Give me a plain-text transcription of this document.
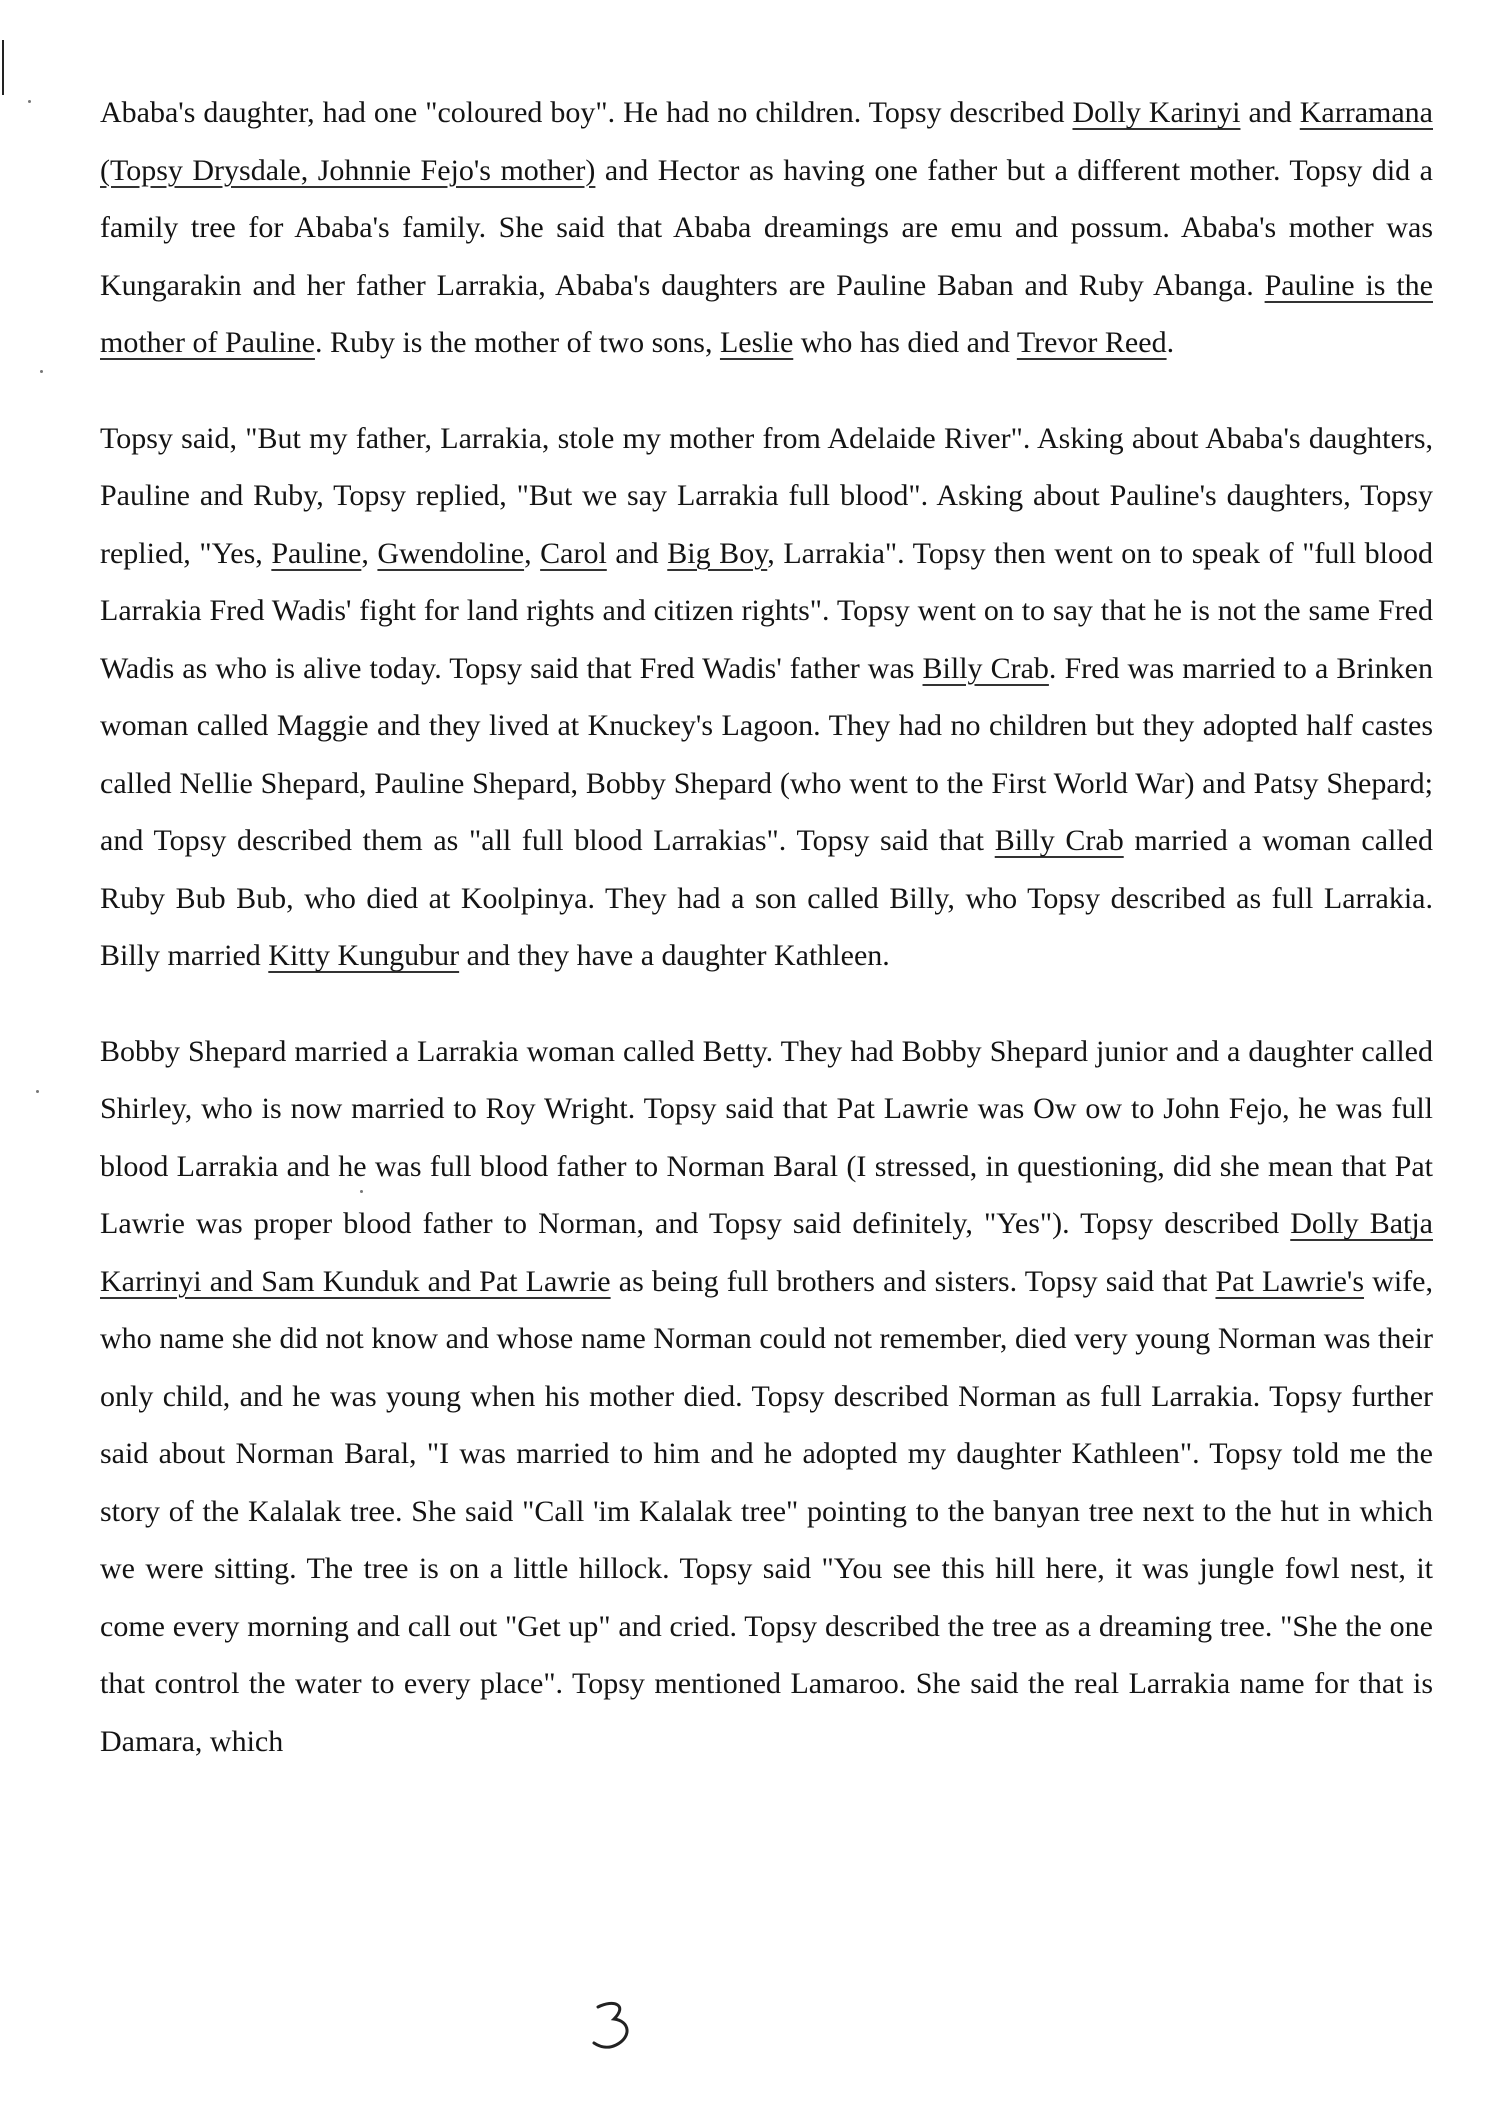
Ababa's daughter, had one "coloured boy". He had no children. Topsy described Dolly Karinyi and Karramana (Topsy Drysdale, Johnnie Fejo's mother) and Hector as having one father but a different mother. Topsy did a family tree for Ababa's family. She said that Ababa dreamings are emu and possum. Ababa's mother was Kungarakin and her father Larrakia, Ababa's daughters are Pauline Baban and Ruby Abanga. Pauline is the mother of Pauline. Ruby is the mother of two sons, Leslie who has died and Trevor Reed.

Topsy said, "But my father, Larrakia, stole my mother from Adelaide River". Asking about Ababa's daughters, Pauline and Ruby, Topsy replied, "But we say Larrakia full blood". Asking about Pauline's daughters, Topsy replied, "Yes, Pauline, Gwendoline, Carol and Big Boy, Larrakia". Topsy then went on to speak of "full blood Larrakia Fred Wadis' fight for land rights and citizen rights". Topsy went on to say that he is not the same Fred Wadis as who is alive today. Topsy said that Fred Wadis' father was Billy Crab. Fred was married to a Brinken woman called Maggie and they lived at Knuckey's Lagoon. They had no children but they adopted half castes called Nellie Shepard, Pauline Shepard, Bobby Shepard (who went to the First World War) and Patsy Shepard; and Topsy described them as "all full blood Larrakias". Topsy said that Billy Crab married a woman called Ruby Bub Bub, who died at Koolpinya. They had a son called Billy, who Topsy described as full Larrakia. Billy married Kitty Kungubur and they have a daughter Kathleen.

Bobby Shepard married a Larrakia woman called Betty. They had Bobby Shepard junior and a daughter called Shirley, who is now married to Roy Wright. Topsy said that Pat Lawrie was Ow ow to John Fejo, he was full blood Larrakia and he was full blood father to Norman Baral (I stressed, in questioning, did she mean that Pat Lawrie was proper blood father to Norman, and Topsy said definitely, "Yes"). Topsy described Dolly Batja Karrinyi and Sam Kunduk and Pat Lawrie as being full brothers and sisters. Topsy said that Pat Lawrie's wife, who name she did not know and whose name Norman could not remember, died very young Norman was their only child, and he was young when his mother died. Topsy described Norman as full Larrakia. Topsy further said about Norman Baral, "I was married to him and he adopted my daughter Kathleen". Topsy told me the story of the Kalalak tree. She said "Call 'im Kalalak tree" pointing to the banyan tree next to the hut in which we were sitting. The tree is on a little hillock. Topsy said "You see this hill here, it was jungle fowl nest, it come every morning and call out "Get up" and cried. Topsy described the tree as a dreaming tree. "She the one that control the water to every place". Topsy mentioned Lamaroo. She said the real Larrakia name for that is Damara, which

3
